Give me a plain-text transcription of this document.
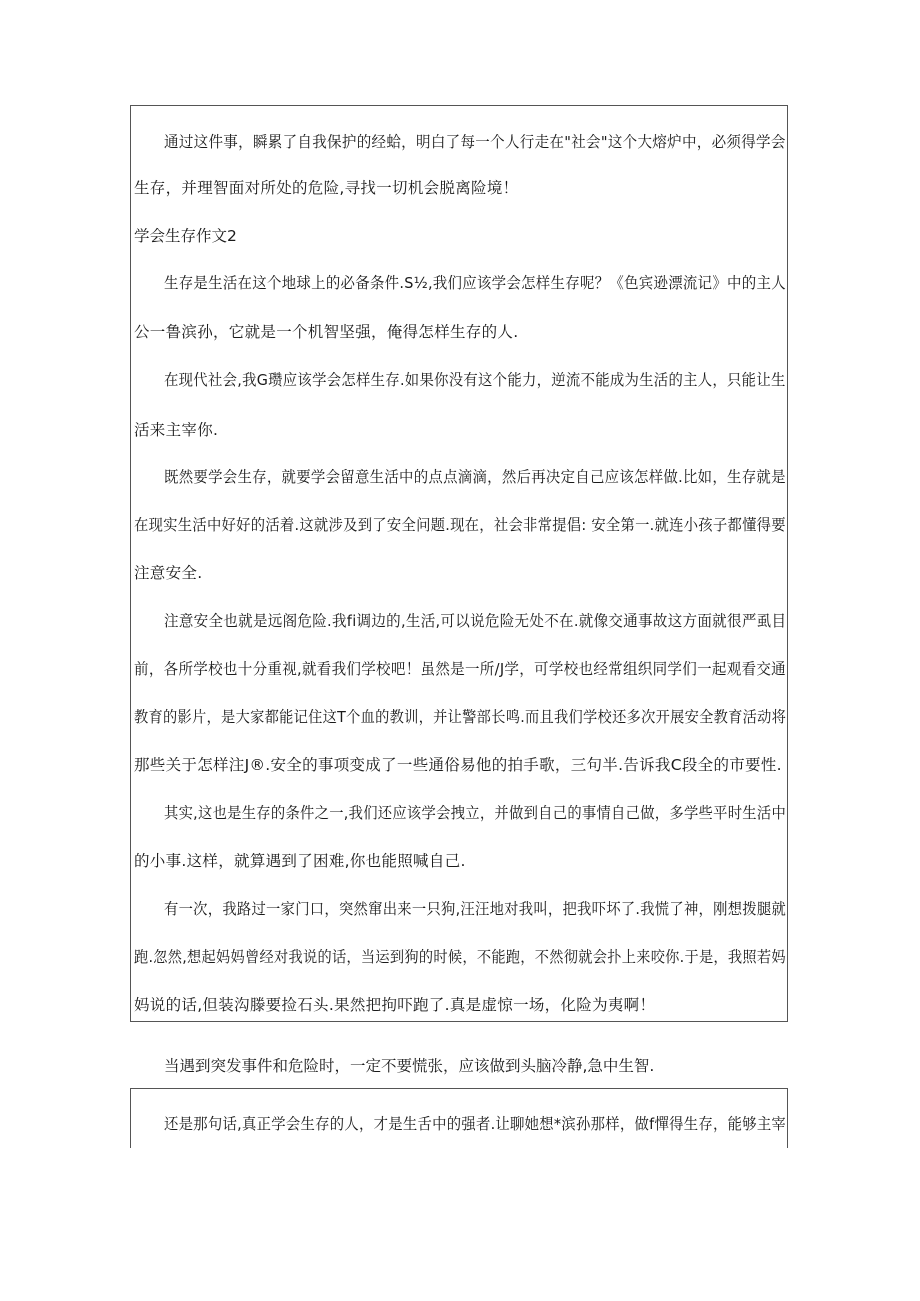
通过这件事，瞬累了自我保护的经蛤，明白了每一个人行走在"社会"这个大熔炉中，必须得学会
生存，并理智面对所处的危险,寻找一切机会脱离险境！
学会生存作文2
生存是生活在这个地球上的必备条件.S½,我们应该学会怎样生存呢？《色宾逊漂流记》中的主人
公一鲁滨孙，它就是一个机智坚强，俺得怎样生存的人.
在现代社会,我G瓒应该学会怎样生存.如果你没有这个能力，逆流不能成为生活的主人，只能让生
活来主宰你.
既然要学会生存，就要学会留意生活中的点点滴滴，然后再决定自己应该怎样做.比如，生存就是
在现实生活中好好的活着.这就涉及到了安全问题.现在，社会非常提倡: 安全第一.就连小孩子都懂得要
注意安全.
注意安全也就是远阁危险.我fi调边的,生活,可以说危险无处不在.就像交通事故这方面就很严虱目
前，各所学校也十分重视,就看我们学校吧！虽然是一所/J学，可学校也经常组织同学们一起观看交通
教育的影片，是大家都能记住这T个血的教训，并让警部长鸣.而且我们学校还多次开展安全教育活动将
那些关于怎样注J®.安全的事项变成了一些通俗易他的拍手歌，三句半.告诉我C段全的市要性.
其实,这也是生存的条件之一,我们还应该学会拽立，并做到自己的事情自己做，多学些平时生活中
的小事.这样，就算遇到了困难,你也能照喊自己.
有一次，我路过一家门口，突然窜出来一只狗,汪汪地对我叫，把我吓坏了.我慌了神，刚想拨腿就
跑.忽然,想起妈妈曾经对我说的话，当运到狗的时候，不能跑，不然彻就会扑上来咬你.于是，我照若妈
妈说的话,但装沟滕要捡石头.果然把拘吓跑了.真是虚惊一场，化险为夷啊！
当遇到突发事件和危险时，一定不要慌张，应该做到头脑冷静,急中生智.
还是那句话,真正学会生存的人，才是生舌中的强者.让聊她想*滨孙那样，做f憚得生存，能够主宰
